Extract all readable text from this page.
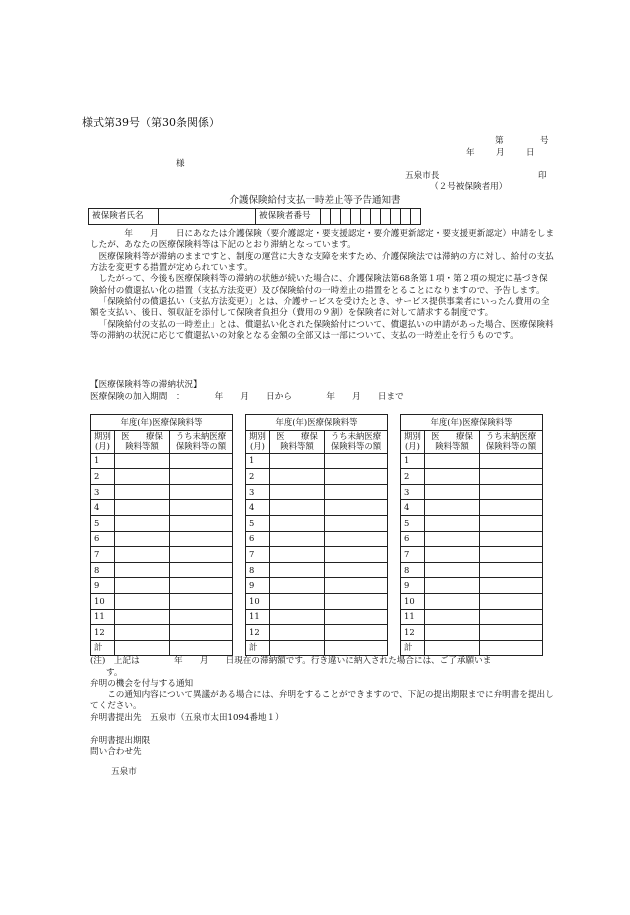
様式第39号（第30条関係）
第	号
年 月 日
様
五泉市長	印
（２号被保険者用）
介護保険給付支払一時差止等予告通知書
被保険者氏名		被保険者番号										

年　　月　　日にあなたは介護保険（要介護認定・要支援認定・要介護更新認定・要支援更新認定）申請をしましたが、あなたの医療保険料等は下記のとおり滞納となっています。

医療保険料等が滞納のままですと、制度の運営に大きな支障を来すため、介護保険法では滞納の方に対し、給付の支払方法を変更する措置が定められています。

したがって、今後も医療保険料等の滞納の状態が続いた場合に、介護保険法第68条第１項・第２項の規定に基づき保険給付の償還払い化の措置（支払方法変更）及び保険給付の一時差止の措置をとることになりますので、予告します。

「保険給付の償還払い（支払方法変更）」とは、介護サービスを受けたとき、サービス提供事業者にいったん費用の全額を支払い、後日、領収証を添付して保険者負担分（費用の９割）を保険者に対して請求する制度です。

「保険給付の支払の一時差止」とは、償還払い化された保険給付について、償還払いの申請があった場合、医療保険料等の滞納の状況に応じて償還払いの対象となる金額の全部又は一部について、支払の一時差止を行うものです。

【医療保険料等の滞納状況】
医療保険の加入期間　：　　　　年　　月　　日から　　　　年　　月　　日まで
年度(年)医療保険料等		
期別(月)	医　　療保険料等額	うち未納医療保険料等の額
1		
2		
3		
4		
5		
6		
7		
8		
9		
10		
11		
12		
計		
年度(年)医療保険料等		
期別(月)	医　　療保険料等額	うち未納医療保険料等の額
1		
2		
3		
4		
5		
6		
7		
8		
9		
10		
11		
12		
計		
年度(年)医療保険料等		
期別(月)	医　　療保険料等額	うち未納医療保険料等の額
1		
2		
3		
4		
5		
6		
7		
8		
9		
10		
11		
12		
計		
(注)　上記は　　　　年　　月　　日現在の滞納額です。行き違いに納入された場合には、ご了承願いま
す。
弁明の機会を付与する通知

この通知内容について異議がある場合には、弁明をすることができますので、下記の提出期限までに弁明書を提出してください。

弁明書提出先　五泉市（五泉市太田1094番地１）
弁明書提出期限
問い合わせ先
五泉市
